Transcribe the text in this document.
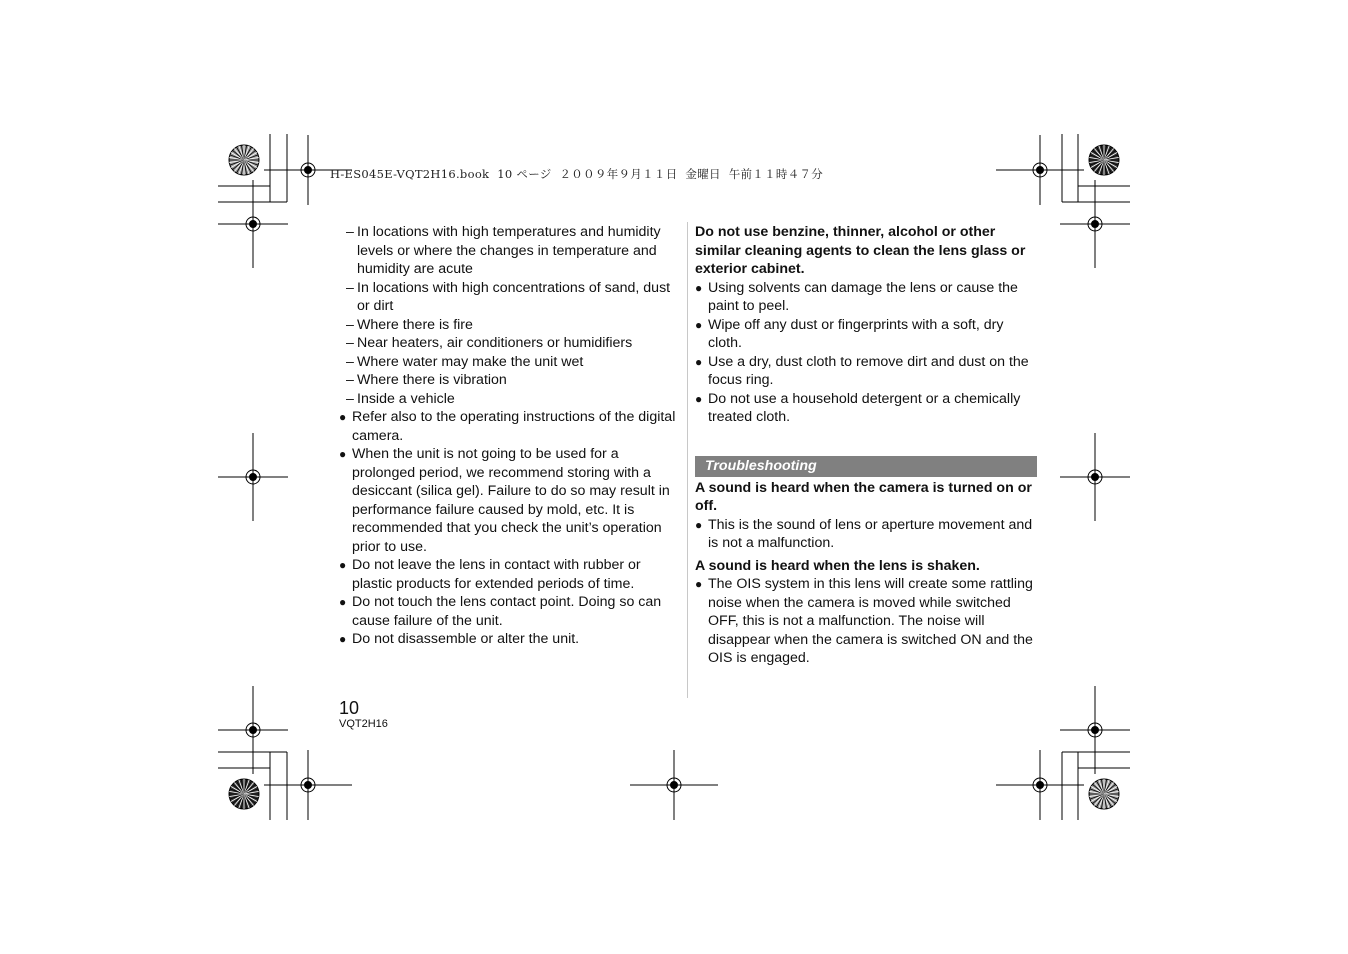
H-ES045E-VQT2H16.book  10 ページ  ２００９年９月１１日  金曜日  午前１１時４７分
– In locations with high temperatures and humidity levels or where the changes in temperature and humidity are acute
– In locations with high concentrations of sand, dust or dirt
– Where there is fire
– Near heaters, air conditioners or humidifiers
– Where water may make the unit wet
– Where there is vibration
– Inside a vehicle
● Refer also to the operating instructions of the digital camera.
● When the unit is not going to be used for a prolonged period, we recommend storing with a desiccant (silica gel). Failure to do so may result in performance failure caused by mold, etc. It is recommended that you check the unit’s operation prior to use.
● Do not leave the lens in contact with rubber or plastic products for extended periods of time.
● Do not touch the lens contact point. Doing so can cause failure of the unit.
● Do not disassemble or alter the unit.
Do not use benzine, thinner, alcohol or other similar cleaning agents to clean the lens glass or exterior cabinet.
● Using solvents can damage the lens or cause the paint to peel.
● Wipe off any dust or fingerprints with a soft, dry cloth.
● Use a dry, dust cloth to remove dirt and dust on the focus ring.
● Do not use a household detergent or a chemically treated cloth.
Troubleshooting
A sound is heard when the camera is turned on or off.
● This is the sound of lens or aperture movement and is not a malfunction.
A sound is heard when the lens is shaken.
● The OIS system in this lens will create some rattling noise when the camera is moved while switched OFF, this is not a malfunction. The noise will disappear when the camera is switched ON and the OIS is engaged.
10
VQT2H16
